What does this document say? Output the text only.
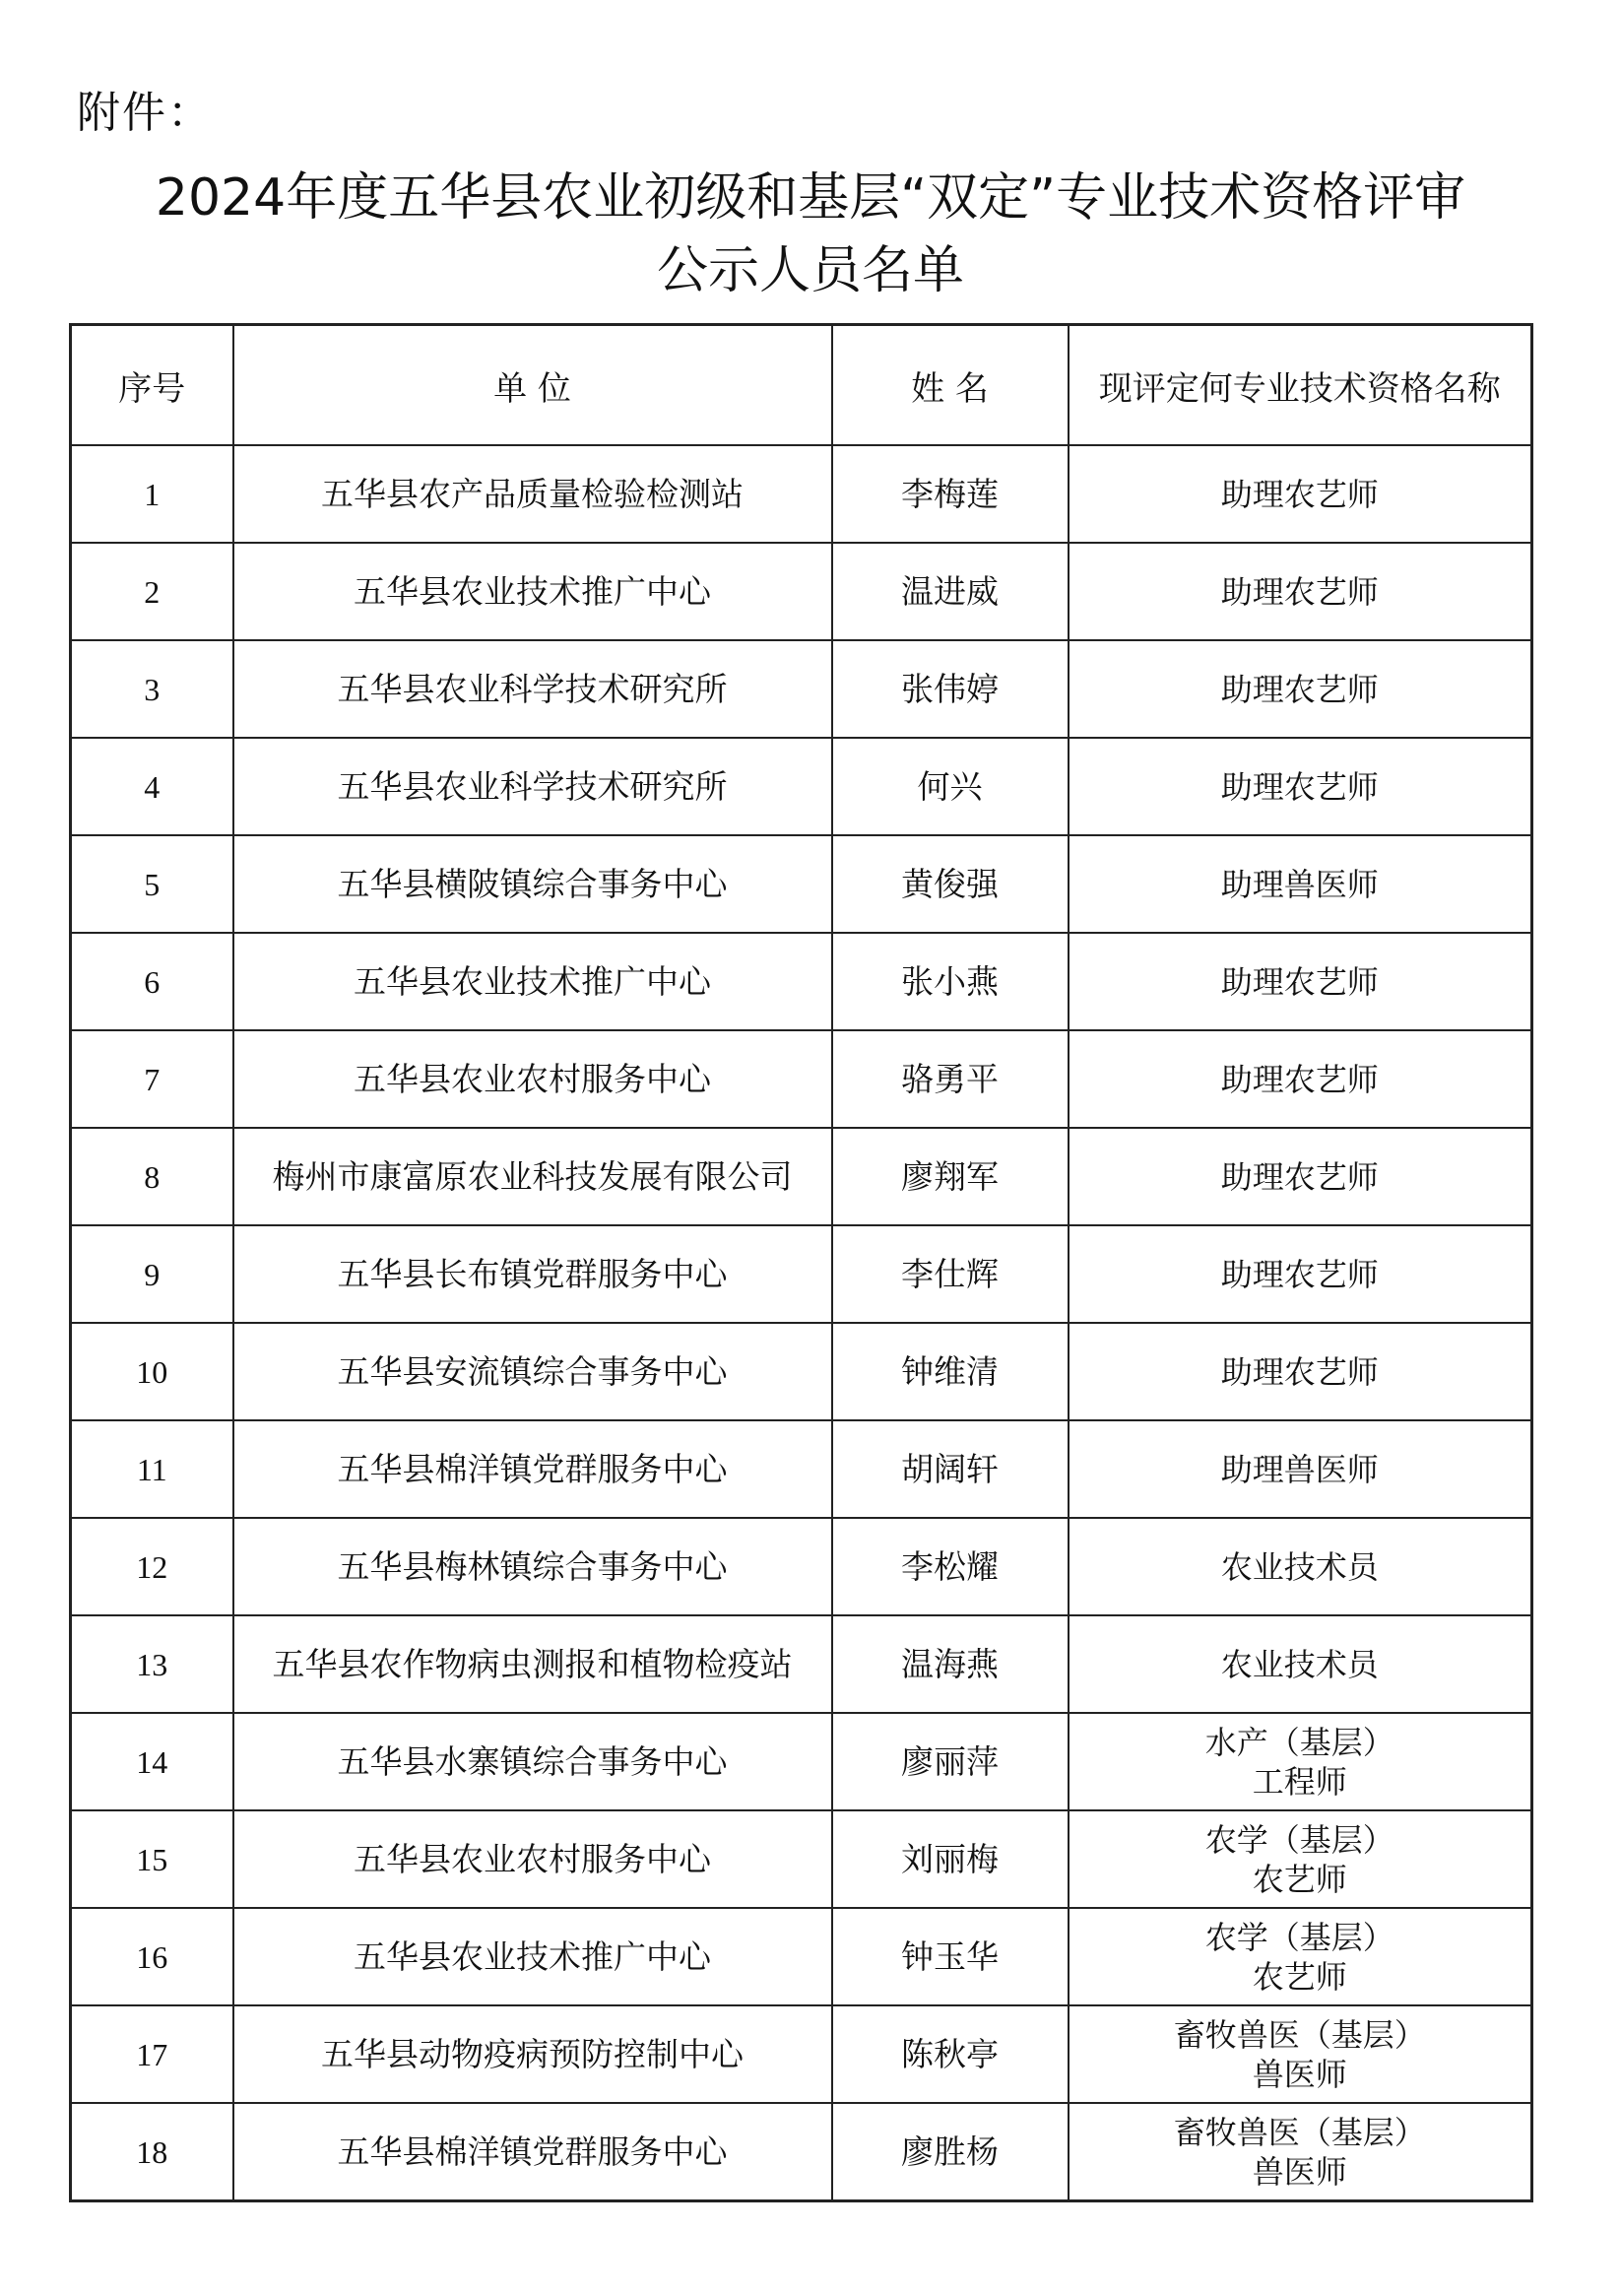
附件：
2024年度五华县农业初级和基层“双定”专业技术资格评审
公示人员名单
序号	单 位	姓 名	现评定何专业技术资格名称
1	五华县农产品质量检验检测站	李梅莲	助理农艺师

2	五华县农业技术推广中心	温进威	助理农艺师

3	五华县农业科学技术研究所	张伟婷	助理农艺师

4	五华县农业科学技术研究所	何兴	助理农艺师

5	五华县横陂镇综合事务中心	黄俊强	助理兽医师

6	五华县农业技术推广中心	张小燕	助理农艺师

7	五华县农业农村服务中心	骆勇平	助理农艺师

8	梅州市康富原农业科技发展有限公司	廖翔军	助理农艺师

9	五华县长布镇党群服务中心	李仕辉	助理农艺师

10	五华县安流镇综合事务中心	钟维清	助理农艺师

11	五华县棉洋镇党群服务中心	胡阔轩	助理兽医师

12	五华县梅林镇综合事务中心	李松耀	农业技术员

13	五华县农作物病虫测报和植物检疫站	温海燕	农业技术员

14	五华县水寨镇综合事务中心	廖丽萍	水产（基层）
工程师

15	五华县农业农村服务中心	刘丽梅	农学（基层）
农艺师

16	五华县农业技术推广中心	钟玉华	农学（基层）
农艺师

17	五华县动物疫病预防控制中心	陈秋亭	畜牧兽医（基层）
兽医师

18	五华县棉洋镇党群服务中心	廖胜杨	畜牧兽医（基层）
兽医师
